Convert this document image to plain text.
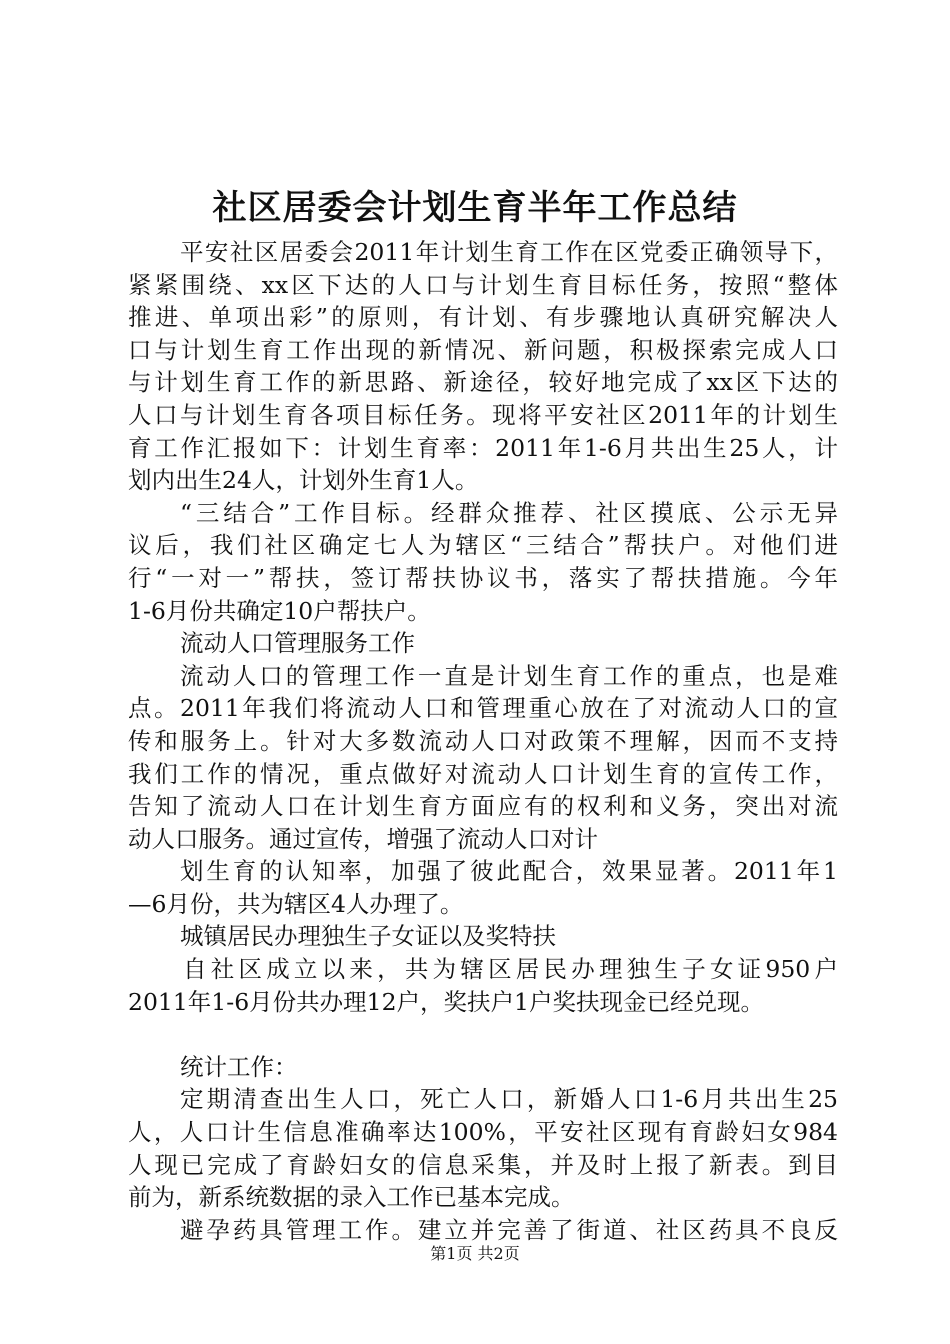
社区居委会计划生育半年工作总结
平安社区居委会2011年计划生育工作在区党委正确领导下，
紧紧围绕、xx区下达的人口与计划生育目标任务，按照“整体
推进、单项出彩”的原则，有计划、有步骤地认真研究解决人
口与计划生育工作出现的新情况、新问题，积极探索完成人口
与计划生育工作的新思路、新途径，较好地完成了xx区下达的
人口与计划生育各项目标任务。现将平安社区2011年的计划生
育工作汇报如下：计划生育率：2011年1-6月共出生25人，计
划内出生24人，计划外生育1人。
“三结合”工作目标。经群众推荐、社区摸底、公示无异
议后，我们社区确定七人为辖区“三结合”帮扶户。对他们进
行“一对一”帮扶，签订帮扶协议书，落实了帮扶措施。今年
1-6月份共确定10户帮扶户。
流动人口管理服务工作
流动人口的管理工作一直是计划生育工作的重点，也是难
点。2011年我们将流动人口和管理重心放在了对流动人口的宣
传和服务上。针对大多数流动人口对政策不理解，因而不支持
我们工作的情况，重点做好对流动人口计划生育的宣传工作，
告知了流动人口在计划生育方面应有的权利和义务，突出对流
动人口服务。通过宣传，增强了流动人口对计
划生育的认知率，加强了彼此配合，效果显著。2011年1
—6月份，共为辖区4人办理了。
城镇居民办理独生子女证以及奖特扶
自社区成立以来，共为辖区居民办理独生子女证950户
2011年1-6月份共办理12户，奖扶户1户奖扶现金已经兑现。
统计工作：
定期清查出生人口，死亡人口，新婚人口1-6月共出生25
人，人口计生信息准确率达100%，平安社区现有育龄妇女984
人现已完成了育龄妇女的信息采集，并及时上报了新表。到目
前为，新系统数据的录入工作已基本完成。
避孕药具管理工作。建立并完善了街道、社区药具不良反
第1页 共2页
